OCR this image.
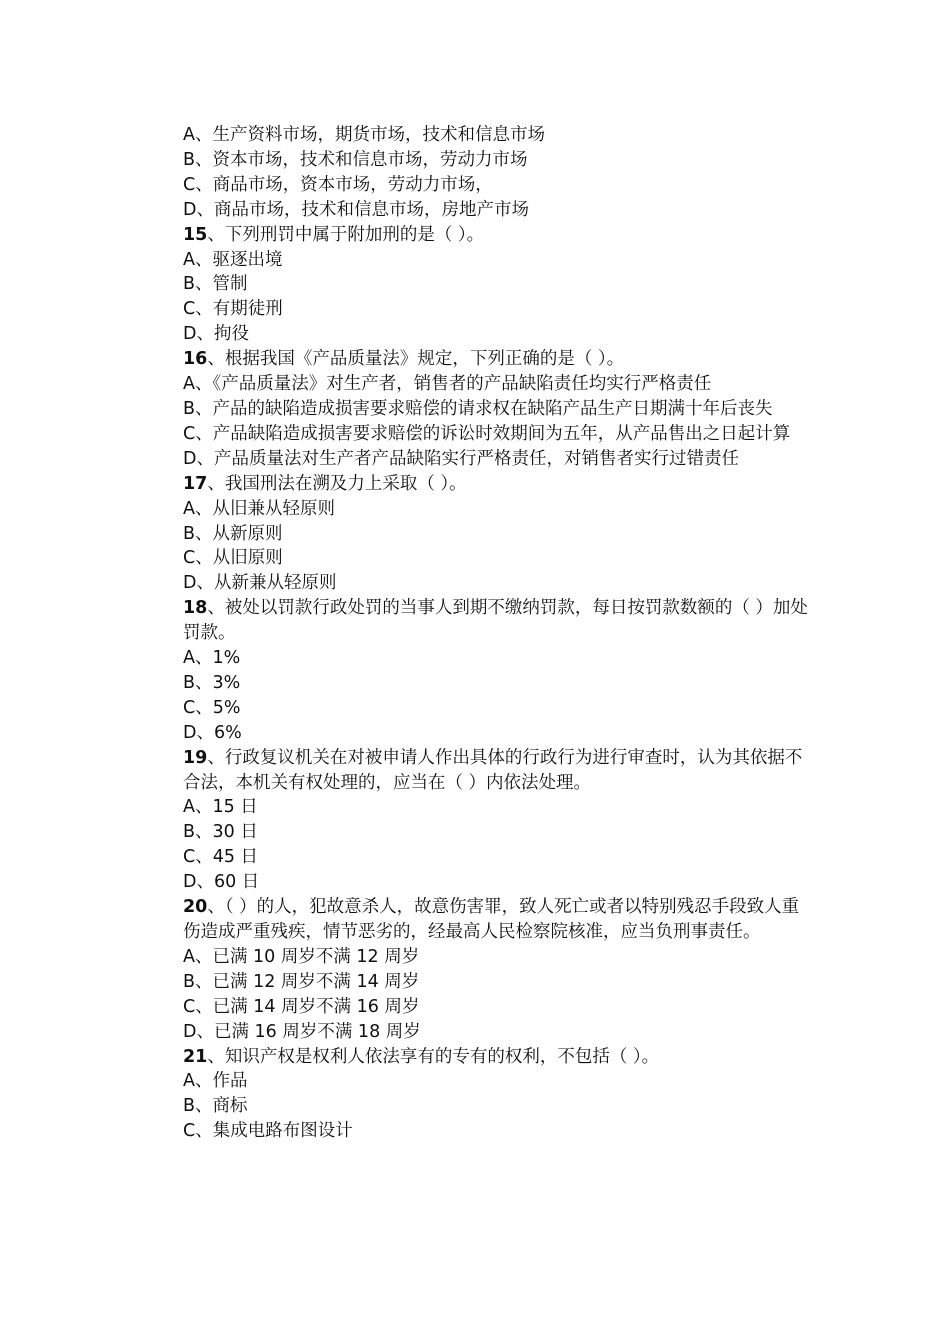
A、生产资料市场，期货市场，技术和信息市场
B、资本市场，技术和信息市场，劳动力市场
C、商品市场，资本市场，劳动力市场，
D、商品市场，技术和信息市场，房地产市场
15、下列刑罚中属于附加刑的是（ ）。
A、驱逐出境
B、管制
C、有期徒刑
D、拘役
16、根据我国《产品质量法》规定，下列正确的是（ ）。
A、《产品质量法》对生产者，销售者的产品缺陷责任均实行严格责任
B、产品的缺陷造成损害要求赔偿的请求权在缺陷产品生产日期满十年后丧失
C、产品缺陷造成损害要求赔偿的诉讼时效期间为五年，从产品售出之日起计算
D、产品质量法对生产者产品缺陷实行严格责任，对销售者实行过错责任
17、我国刑法在溯及力上采取（ ）。
A、从旧兼从轻原则
B、从新原则
C、从旧原则
D、从新兼从轻原则
18、被处以罚款行政处罚的当事人到期不缴纳罚款，每日按罚款数额的（ ）加处罚款。
A、1%
B、3%
C、5%
D、6%
19、行政复议机关在对被申请人作出具体的行政行为进行审查时，认为其依据不合法，本机关有权处理的，应当在（ ）内依法处理。
A、15 日
B、30 日
C、45 日
D、60 日
20、（ ）的人，犯故意杀人，故意伤害罪，致人死亡或者以特别残忍手段致人重伤造成严重残疾，情节恶劣的，经最高人民检察院核准，应当负刑事责任。
A、已满 10 周岁不满 12 周岁
B、已满 12 周岁不满 14 周岁
C、已满 14 周岁不满 16 周岁
D、已满 16 周岁不满 18 周岁
21、知识产权是权利人依法享有的专有的权利，不包括（ ）。
A、作品
B、商标
C、集成电路布图设计
